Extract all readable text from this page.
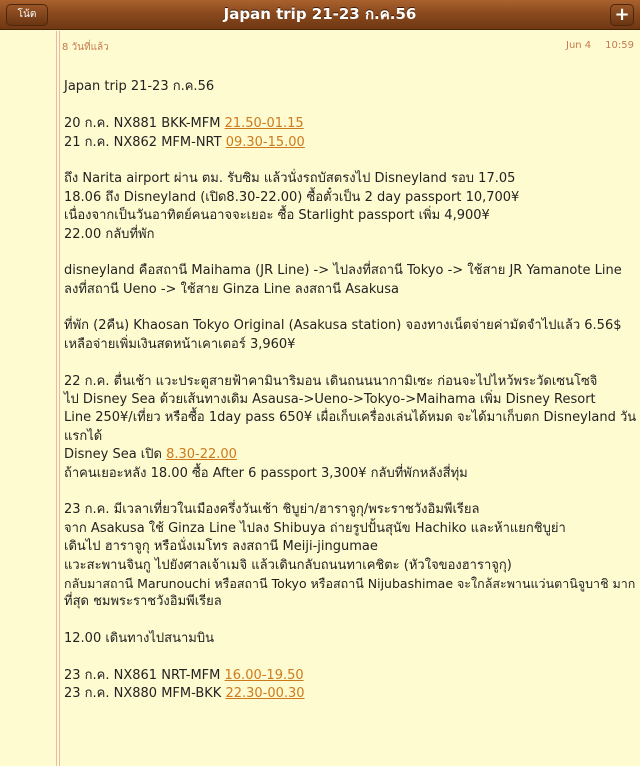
Japan trip 21-23 ก.ค.56
โน้ต	+
8 วันที่แล้ว	Jun 4 10:59
Japan trip 21-23 ก.ค.56
20 ก.ค. NX881 BKK-MFM 21.50-01.15
21 ก.ค. NX862 MFM-NRT 09.30-15.00
ถึง Narita airport ผ่าน ตม. รับซิม แล้วนั่งรถบัสตรงไป Disneyland รอบ 17.05
18.06 ถึง Disneyland (เปิด8.30-22.00) ซื้อตั๋วเป็น 2 day passport 10,700¥
เนื่องจากเป็นวันอาทิตย์คนอาจจะเยอะ ซื้อ Starlight passport เพิ่ม 4,900¥
22.00 กลับที่พัก
disneyland คือสถานี Maihama (JR Line) -> ไปลงที่สถานี Tokyo -> ใช้สาย JR Yamanote Line
ลงที่สถานี Ueno -> ใช้สาย Ginza Line ลงสถานี Asakusa
ที่พัก (2คืน) Khaosan Tokyo Original (Asakusa station) จองทางเน็ตจ่ายค่ามัดจำไปแล้ว 6.56$
เหลือจ่ายเพิ่มเงินสดหน้าเคาเตอร์ 3,960¥
22 ก.ค. ตื่นเช้า แวะประตูสายฟ้าคามินาริมอน เดินถนนนากามิเซะ ก่อนจะไปไหว้พระวัดเซนโซจิ
ไป Disney Sea ด้วยเส้นทางเดิม Asausa->Ueno->Tokyo->Maihama เพิ่ม Disney Resort
Line 250¥/เที่ยว หรือซื้อ 1day pass 650¥ เผื่อเก็บเครื่องเล่นได้หมด จะได้มาเก็บตก Disneyland วัน
แรกได้
Disney Sea เปิด 8.30-22.00
ถ้าคนเยอะหลัง 18.00 ซื้อ After 6 passport 3,300¥ กลับที่พักหลังสี่ทุ่ม
23 ก.ค. มีเวลาเที่ยวในเมืองครึ่งวันเช้า ชิบูย่า/ฮาราจูกุ/พระราชวังอิมพีเรียล
จาก Asakusa ใช้ Ginza Line ไปลง Shibuya ถ่ายรูปปั้นสุนัข Hachiko และห้าแยกชิบูย่า
เดินไป ฮาราจูกุ หรือนั่งเมโทร ลงสถานี Meiji-jingumae
แวะสะพานจินกู ไปยังศาลเจ้าเมจิ แล้วเดินกลับถนนทาเคชิตะ (หัวใจของฮาราจูกุ)
กลับมาสถานี Marunouchi หรือสถานี Tokyo หรือสถานี Nijubashimae จะใกล้สะพานแว่นตานิจูบาชิ มาก
ที่สุด ชมพระราชวังอิมพีเรียล
12.00 เดินทางไปสนามบิน
23 ก.ค. NX861 NRT-MFM 16.00-19.50
23 ก.ค. NX880 MFM-BKK 22.30-00.30
